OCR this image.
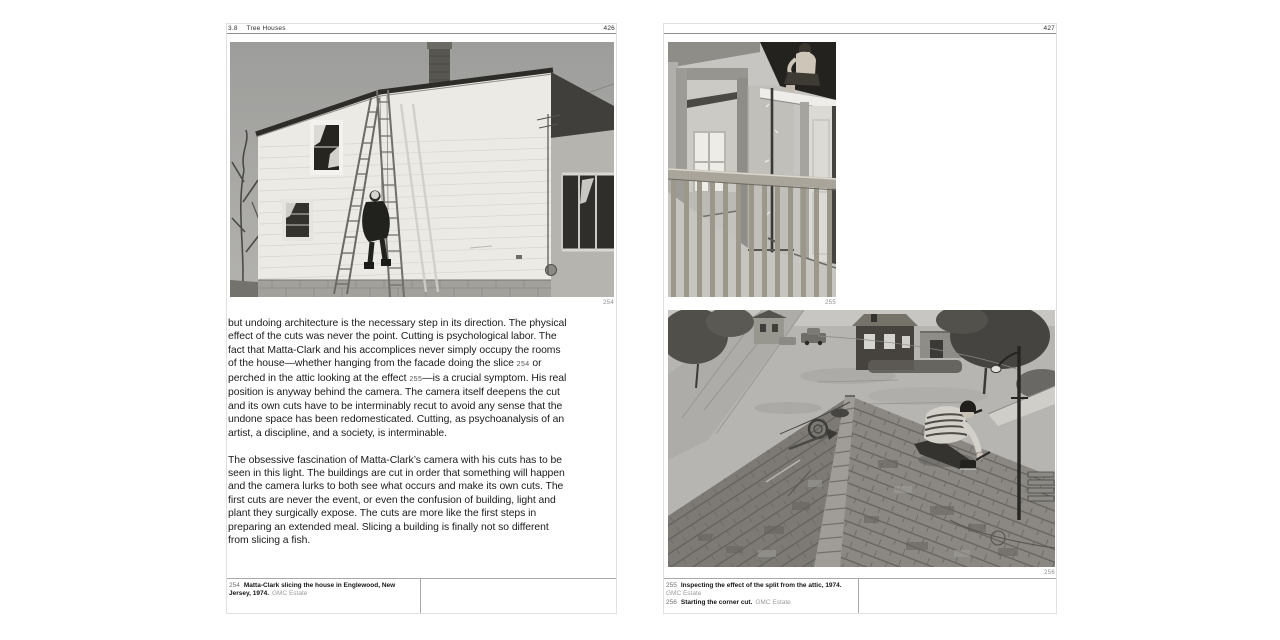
3.8 Tree Houses	426
254

but undoing architecture is the necessary step in its direction. The physical effect of the cuts was never the point. Cutting is psychological labor. The fact that Matta-Clark and his accomplices never simply occupy the rooms of the house—whether hanging from the facade doing the slice 254 or perched in the attic looking at the effect 255—is a crucial symptom. His real position is anyway behind the camera. The camera itself deepens the cut and its own cuts have to be interminably recut to avoid any sense that the undone space has been redomesticated. Cutting, as psychoanalysis of an artist, a discipline, and a society, is interminable.

The obsessive fascination of Matta-Clark’s camera with his cuts has to be seen in this light. The buildings are cut in order that something will happen and the camera lurks to both see what occurs and make its own cuts. The first cuts are never the event, or even the confusion of building, light and plant they surgically expose. The cuts are more like the first steps in preparing an extended meal. Slicing a building is finally not so different from slicing a fish.

254 Matta-Clark slicing the house in Englewood, New Jersey, 1974. GMC Estate
427
255
256
255 Inspecting the effect of the split from the attic, 1974.
GMC Estate
256 Starting the corner cut. GMC Estate
